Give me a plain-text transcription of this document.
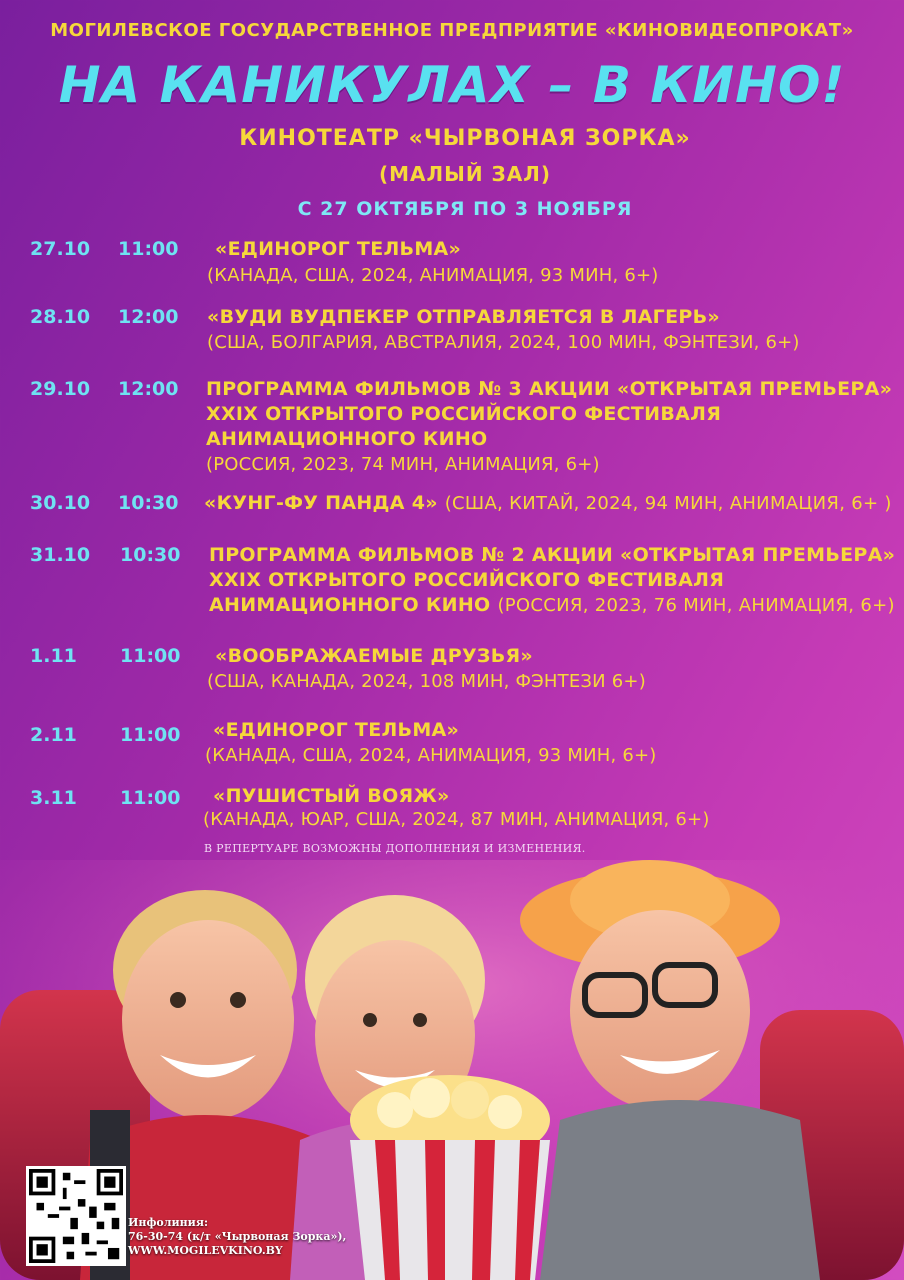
МОГИЛЕВСКОЕ ГОСУДАРСТВЕННОЕ ПРЕДПРИЯТИЕ «КИНОВИДЕОПРОКАТ»
НА КАНИКУЛАХ – В КИНО!
КИНОТЕАТР «ЧЫРВОНАЯ ЗОРКА»
(МАЛЫЙ ЗАЛ)
С 27 ОКТЯБРЯ ПО 3 НОЯБРЯ
27.10 11:00 «ЕДИНОРОГ ТЕЛЬМА»
(КАНАДА, США, 2024, АНИМАЦИЯ, 93 МИН, 6+)
28.10 12:00 «ВУДИ ВУДПЕКЕР ОТПРАВЛЯЕТСЯ В ЛАГЕРЬ»
(США, БОЛГАРИЯ, АВСТРАЛИЯ, 2024, 100 МИН, ФЭНТЕЗИ, 6+)
29.10 12:00 ПРОГРАММА ФИЛЬМОВ № 3 АКЦИИ «ОТКРЫТАЯ ПРЕМЬЕРА»
XXIX ОТКРЫТОГО РОССИЙСКОГО ФЕСТИВАЛЯ
АНИМАЦИОННОГО КИНО
(РОССИЯ, 2023, 74 МИН, АНИМАЦИЯ, 6+)
30.10 10:30 «КУНГ-ФУ ПАНДА 4» (США, КИТАЙ, 2024, 94 МИН, АНИМАЦИЯ, 6+ )
31.10 10:30 ПРОГРАММА ФИЛЬМОВ № 2 АКЦИИ «ОТКРЫТАЯ ПРЕМЬЕРА»
XXIX ОТКРЫТОГО РОССИЙСКОГО ФЕСТИВАЛЯ
АНИМАЦИОННОГО КИНО (РОССИЯ, 2023, 76 МИН, АНИМАЦИЯ, 6+)
1.11 11:00 «ВООБРАЖАЕМЫЕ ДРУЗЬЯ»
(США, КАНАДА, 2024, 108 МИН, ФЭНТЕЗИ 6+)
2.11 11:00 «ЕДИНОРОГ ТЕЛЬМА»
(КАНАДА, США, 2024, АНИМАЦИЯ, 93 МИН, 6+)
3.11 11:00 «ПУШИСТЫЙ ВОЯЖ»
(КАНАДА, ЮАР, США, 2024, 87 МИН, АНИМАЦИЯ, 6+)
В РЕПЕРТУАРЕ ВОЗМОЖНЫ ДОПОЛНЕНИЯ И ИЗМЕНЕНИЯ.
Инфолиния:
76-30-74 (к/т «Чырвоная Зорка»),
WWW.MOGILEVKINO.BY
